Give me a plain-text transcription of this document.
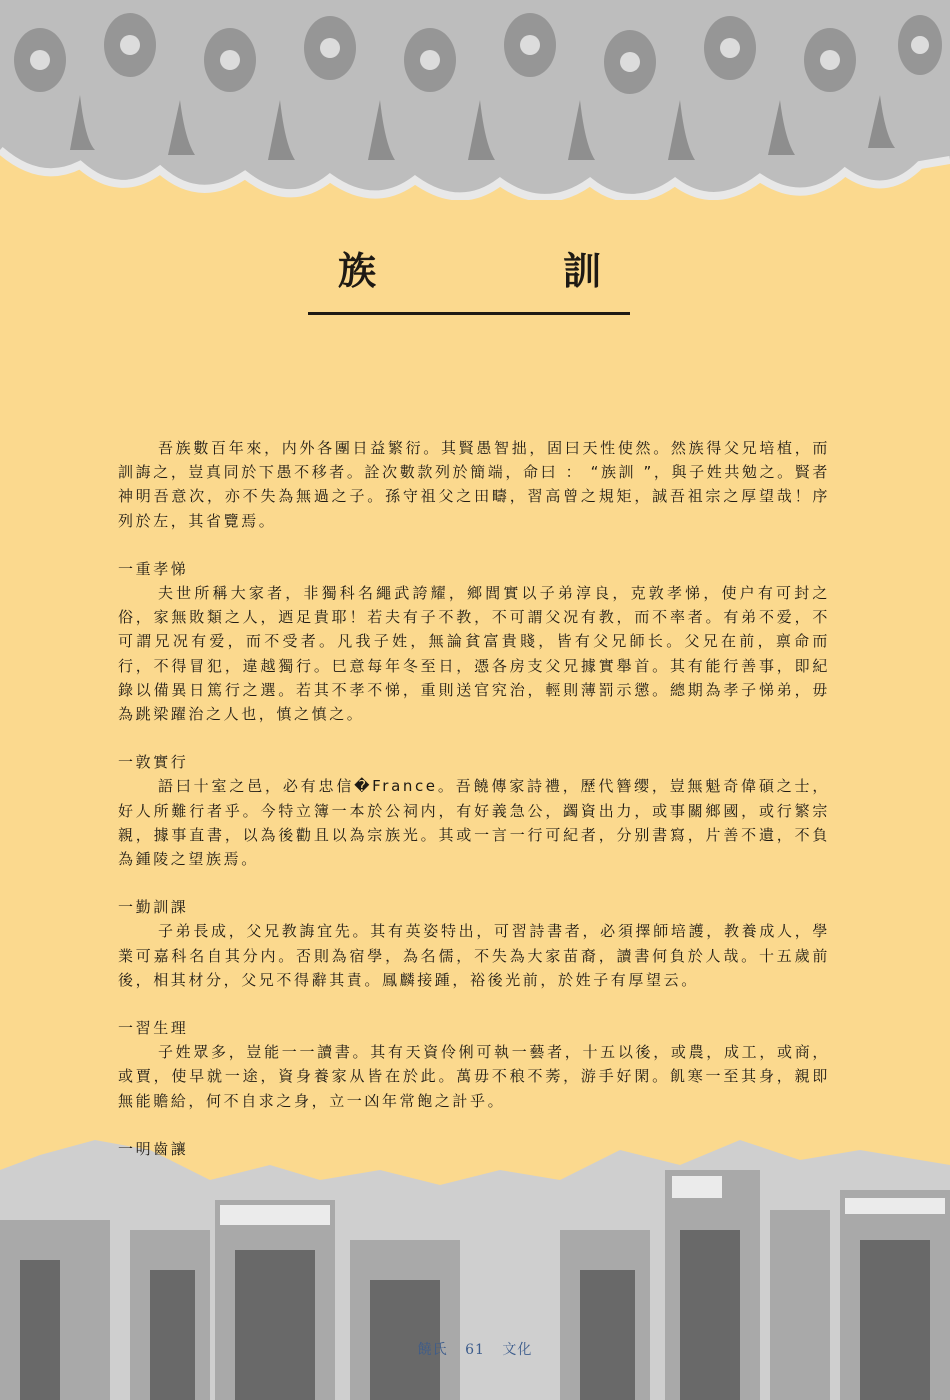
族	訓

吾族數百年來，内外各團日益繁衍。其賢愚智拙，固曰天性使然。然族得父兄培植，而訓誨之，豈真同於下愚不移者。詮次數款列於簡端，命曰 ： “族訓 ”，與子姓共勉之。賢者神明吾意次，亦不失為無過之子。孫守祖父之田疇，習高曾之規矩，誠吾祖宗之厚望哉！序列於左，其省覽焉。

一重孝悌

夫世所稱大家者，非獨科名繩武誇耀，鄉閭實以子弟淳良，克敦孝悌，使户有可封之俗，家無敗類之人，迺足貴耶！若夫有子不教，不可謂父况有教，而不率者。有弟不爱，不可謂兄况有爱，而不受者。凡我子姓，無論貧富貴賤，皆有父兄師长。父兄在前，禀命而行，不得冒犯，違越獨行。巳意每年冬至日，憑各房支父兄據實舉首。其有能行善事，即紀錄以備異日篤行之選。若其不孝不悌，重則送官究治，輕則薄罰示懲。總期為孝子悌弟，毋為跳梁躍治之人也，慎之慎之。

一敦實行

語曰十室之邑，必有忠信�France。吾饒傳家詩禮，歷代簪缨，豈無魁奇偉碩之士，好人所難行者乎。今特立簿一本於公祠内，有好義急公，蠲資出力，或事關鄉國，或行繁宗親，據事直書，以為後勸且以為宗族光。其或一言一行可紀者，分别書寫，片善不遺，不負為鍾陵之望族焉。

一勤訓課

子弟長成，父兄教誨宜先。其有英姿特出，可習詩書者，必須擇師培護，教養成人，學業可嘉科名自其分内。否則為宿學，為名儒，不失為大家苗裔，讀書何負於人哉。十五歲前後，相其材分，父兄不得辭其責。鳳麟接踵，裕後光前，於姓子有厚望云。

一習生理

子姓眾多，豈能一一讀書。其有天資伶俐可執一藝者，十五以後，或農，成工，或商，或賈，使早就一途，資身養家从皆在於此。萬毋不稂不莠，游手好閑。飢寒一至其身，親即無能贍給，何不自求之身，立一凶年常飽之計乎。

一明齒讓

饒氏 61 文化
